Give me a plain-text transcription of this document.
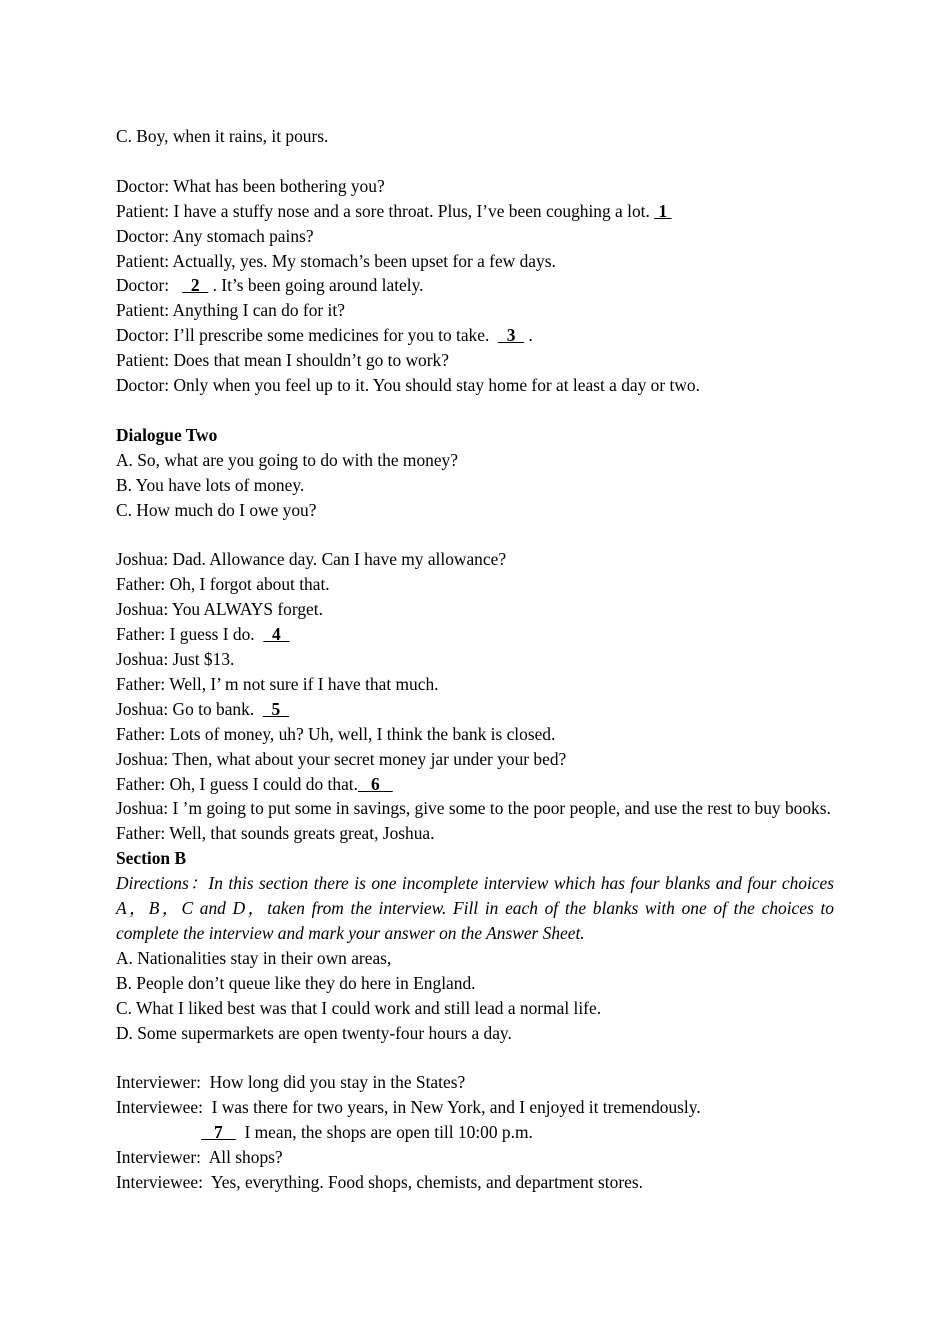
C. Boy, when it rains, it pours.
Doctor: What has been bothering you?
Patient: I have a stuffy nose and a sore throat. Plus, I’ve been coughing a lot.  1
Doctor: Any stomach pains?
Patient: Actually, yes. My stomach’s been upset for a few days.
Doctor:     2   . It’s been going around lately.
Patient: Anything I can do for it?
Doctor: I’ll prescribe some medicines for you to take.    3   .
Patient: Does that mean I shouldn’t go to work?
Doctor: Only when you feel up to it. You should stay home for at least a day or two.
Dialogue Two
A. So, what are you going to do with the money?
B. You have lots of money.
C. How much do I owe you?
Joshua: Dad. Allowance day. Can I have my allowance?
Father: Oh, I forgot about that.
Joshua: You ALWAYS forget.
Father: I guess I do.    4
Joshua: Just $13.
Father: Well, I’ m not sure if I have that much.
Joshua: Go to bank.    5
Father: Lots of money, uh? Uh, well, I think the bank is closed.
Joshua: Then, what about your secret money jar under your bed?
Father: Oh, I guess I could do that.   6
Joshua: I ’m going to put some in savings, give some to the poor people, and use the rest to buy books.
Father: Well, that sounds greats great, Joshua.
Section B
Directions：In this section there is one incomplete interview which has four blanks and four choices A，B，C and D，taken from the interview. Fill in each of the blanks with one of the choices to complete the interview and mark your answer on the Answer Sheet.
A. Nationalities stay in their own areas,
B. People don’t queue like they do here in England.
C. What I liked best was that I could work and still lead a normal life.
D. Some supermarkets are open twenty-four hours a day.
Interviewer:  How long did you stay in the States?
Interviewee:  I was there for two years, in New York, and I enjoyed it tremendously.
7     I mean, the shops are open till 10:00 p.m.
Interviewer:  All shops?
Interviewee:  Yes, everything. Food shops, chemists, and department stores.
